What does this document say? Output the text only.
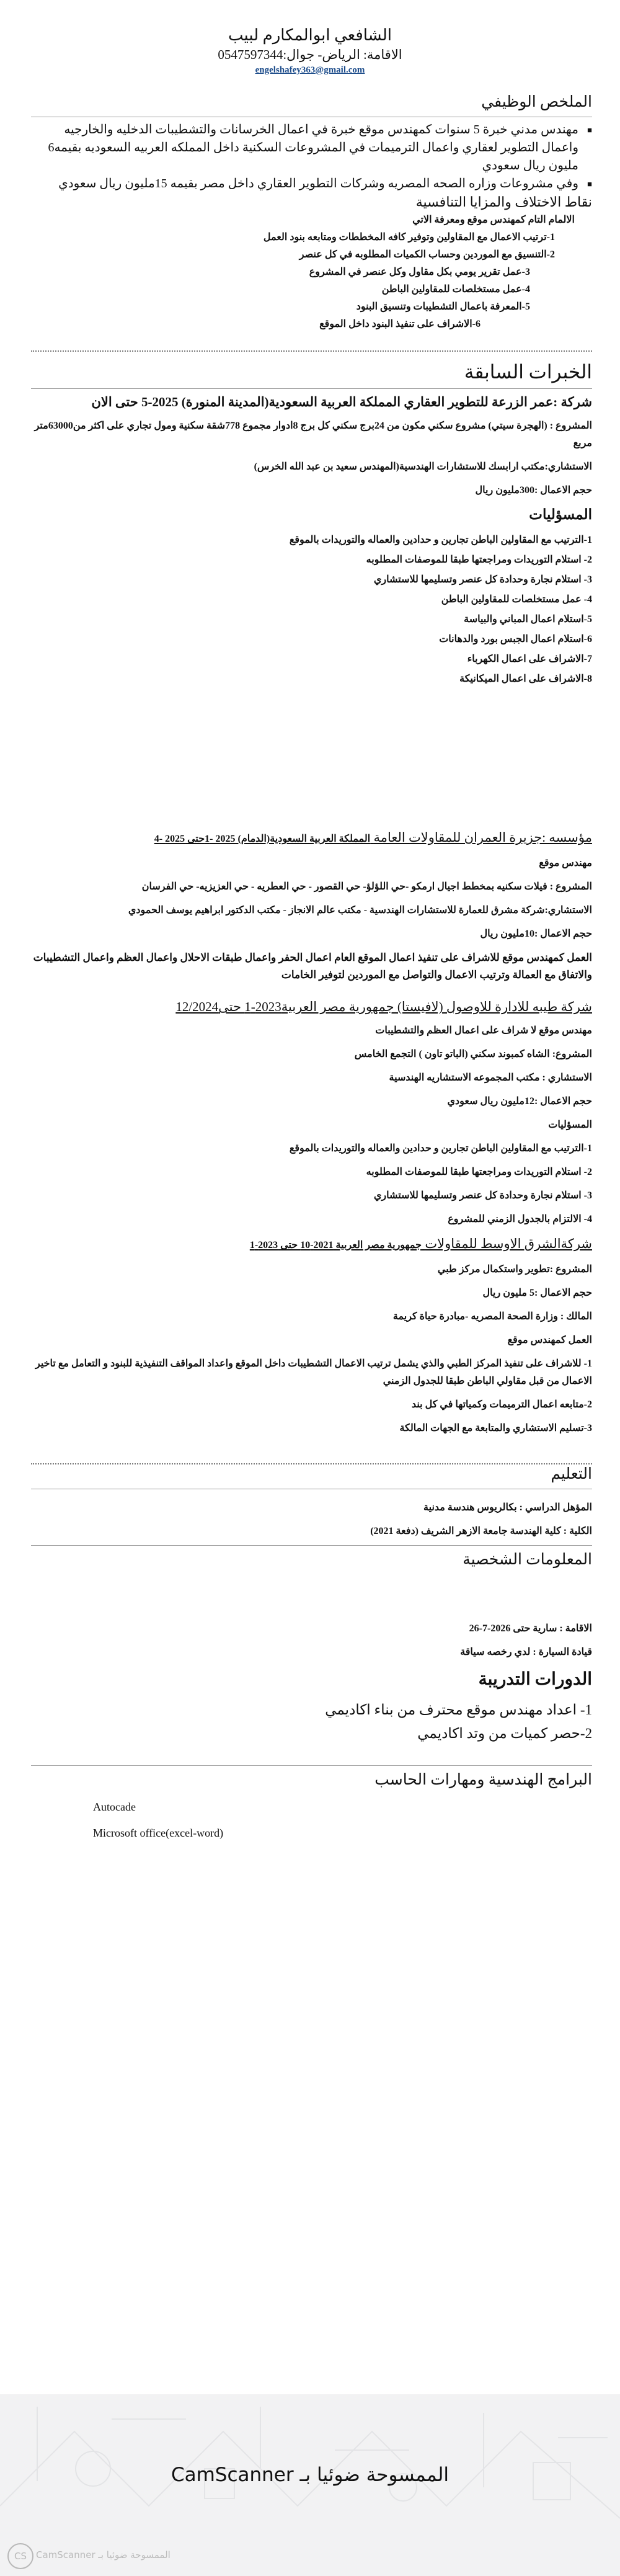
الشافعي ابوالمكارم لبيب
الاقامة: الرياض- جوال:0547597344
engelshafey363@gmail.com

الملخص الوظيفي

■ مهندس مدني خبرة 5 سنوات كمهندس موقع خبرة في اعمال الخرسانات والتشطيبات الدخليه والخارجيه واعمال التطوير لعقاري واعمال الترميمات في المشروعات السكنية داخل المملكه العربيه السعوديه بقيمه6 مليون ريال سعودي
■ وفي مشروعات وزاره الصحه المصريه وشركات التطوير العقاري داخل مصر بقيمه 15مليون ريال سعودي

نقاط الاختلاف والمزايا التنافسية

الالمام التام كمهندس موقع ومعرفة الاتي

1-ترتيب الاعمال مع المقاولين وتوفير كافه المخططات ومتابعه بنود العمل
2-التنسيق مع الموردين وحساب الكميات المطلوبه في كل عنصر
3-عمل تقرير يومي بكل مقاول وكل عنصر في المشروع
4-عمل مستخلصات للمقاولين الباطن
5-المعرفة باعمال التشطيبات وتنسيق البنود
6-الاشراف على تنفيذ البنود داخل الموقع

الخبرات السابقة

شركة :عمر الزرعة للتطوير العقاري المملكة العربية السعودية(المدينة المنورة) 2025-5 حتى الان

المشروع : (الهجرة سيتي) مشروع سكني مكون من 24برج سكني كل برج 8ادوار مجموع 778شقة سكنية ومول تجاري على اكثر من63000متر مربع

الاستشاري:مكتب ارابسك للاستشارات الهندسية(المهندس سعيد بن عبد الله الخرس)

حجم الاعمال :300مليون ريال

المسؤليات

1-الترتيب مع المقاولين الباطن تجارين و حدادين والعماله والتوريدات بالموقع

2- استلام التوريدات ومراجعتها طبقا للموصفات المطلوبه

3- استلام نجارة وحدادة كل عنصر وتسليمها للاستشاري

4- عمل مستخلصات للمقاولين الباطن

5-استلام اعمال المباني والبياسة

6-استلام اعمال الجبس بورد والدهانات

7-الاشراف على اعمال الكهرباء

8-الاشراف على اعمال الميكانيكة

مؤسسه :جزيرة العمران للمقاولات العامة المملكة العربية السعودية(الدمام) 2025 -1حتى 2025 -4

مهندس موقع

المشروع : فيلات سكنيه بمخطط اجيال ارمكو -حي اللؤلؤ- حي القصور - حي العطريه - حي العزيزيه- حي الفرسان

الاستشاري:شركة مشرق للعمارة للاستشارات الهندسية - مكتب عالم الانجاز - مكتب الدكتور ابراهيم يوسف الحمودي

حجم الاعمال :10مليون ريال

العمل كمهندس موقع للاشراف على تنفيذ اعمال الموقع العام اعمال الحفر واعمال طبقات الاحلال واعمال العظم واعمال التشطيبات والاتفاق مع العمالة وترتيب الاعمال والتواصل مع الموردين لتوفير الخامات

شركة طيبه للادارة للاوصول (لافيستا) جمهورية مصر العربية2023-1 حتى12/2024

مهندس موقع لا شراف على اعمال العظم والتشطيبات

المشروع: الشاه كمبوند سكني (الباتو تاون ) التجمع الخامس

الاستشاري : مكتب المجموعه الاستشاريه الهندسية

حجم الاعمال :12مليون ريال سعودي

المسؤليات

1-الترتيب مع المقاولين الباطن تجارين و حدادين والعماله والتوريدات بالموقع

2- استلام التوريدات ومراجعتها طبقا للموصفات المطلوبه

3- استلام نجارة وحدادة كل عنصر وتسليمها للاستشاري

4- الالتزام بالجدول الزمني للمشروع

شركةالشرق الاوسط للمقاولات جمهورية مصر العربية 2021-10 حتى 2023-1

المشروع :تطوير واستكمال مركز طبي

حجم الاعمال :5 مليون ريال

المالك : وزارة الصحة المصريه -مبادرة حياة كريمة

العمل كمهندس موقع

1- للاشراف على تنفيذ المركز الطبي والذي يشمل ترتيب الاعمال التشطيبات داخل الموقع واعداد المواقف التنفيذية للبنود و التعامل مع تاخير الاعمال من قبل مقاولي الباطن طبقا للجدول الزمني

2-متابعه اعمال الترميمات وكمياتها في كل بند

3-تسليم الاستشاري والمتابعة مع الجهات المالكة

التعليم

المؤهل الدراسي : بكالريوس هندسة مدنية

الكلية : كلية الهندسة جامعة الازهر الشريف (دفعة 2021)

المعلومات الشخصية

الاقامة : سارية حتى 2026-7-26

قيادة السيارة : لدي رخصه سياقة

الدورات التدريبة

1- اعداد مهندس موقع محترف من بناء اكاديمي

2-حصر كميات من وتد اكاديمي

البرامج الهندسية ومهارات الحاسب

Autocade

Microsoft office(excel-word)

الممسوحة ضوئيا بـ CamScanner
CS	CamScanner الممسوحة ضوئيا بـ
